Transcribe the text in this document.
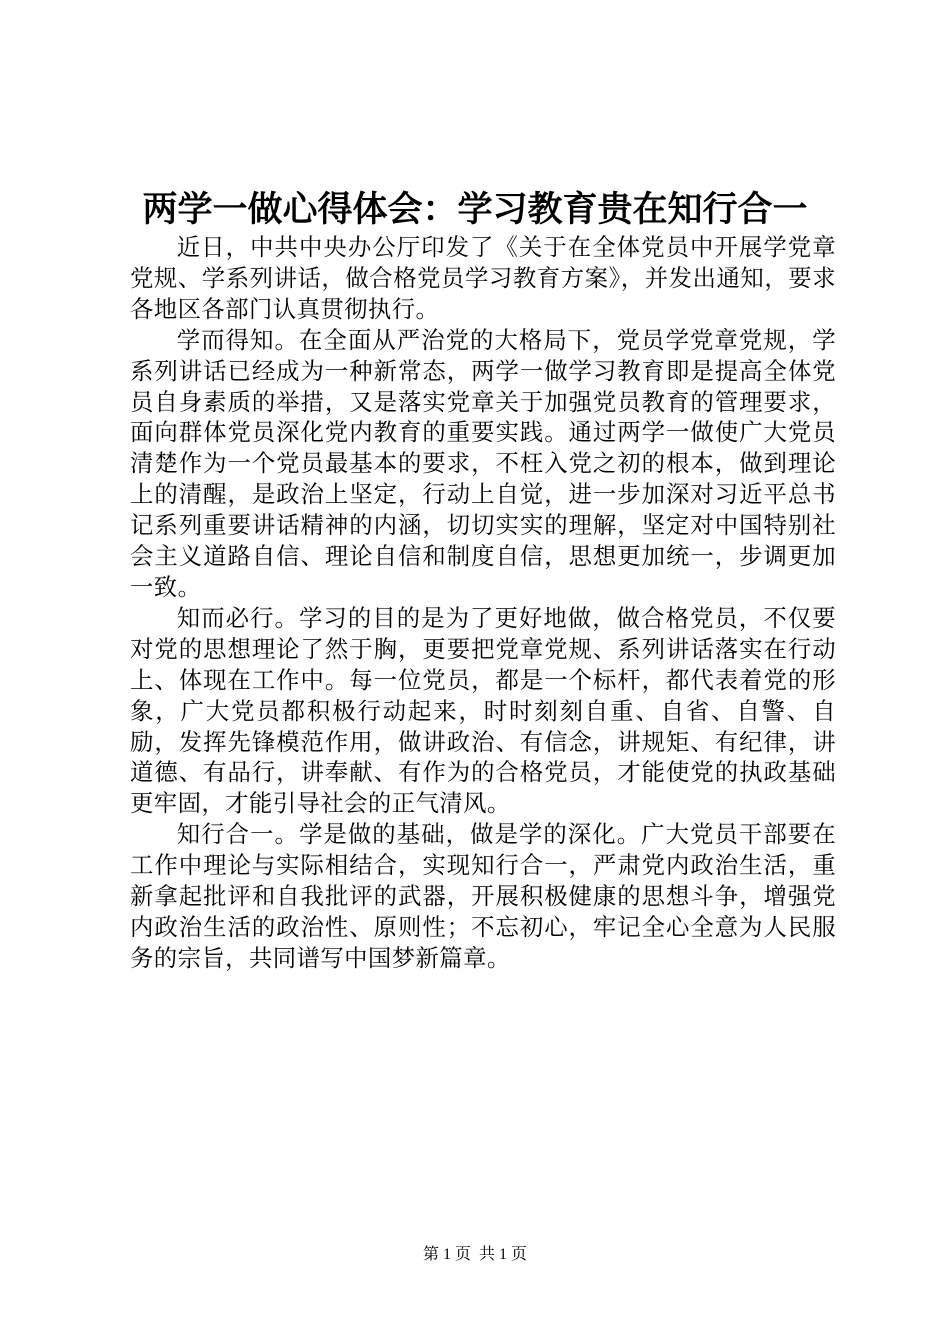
两学一做心得体会：学习教育贵在知行合一

近日，中共中央办公厅印发了《关于在全体党员中开展学党章党规、学系列讲话，做合格党员学习教育方案》，并发出通知，要求各地区各部门认真贯彻执行。

学而得知。在全面从严治党的大格局下，党员学党章党规，学系列讲话已经成为一种新常态，两学一做学习教育即是提高全体党员自身素质的举措，又是落实党章关于加强党员教育的管理要求，面向群体党员深化党内教育的重要实践。通过两学一做使广大党员清楚作为一个党员最基本的要求，不枉入党之初的根本，做到理论上的清醒，是政治上坚定，行动上自觉，进一步加深对习近平总书记系列重要讲话精神的内涵，切切实实的理解，坚定对中国特别社会主义道路自信、理论自信和制度自信，思想更加统一，步调更加一致。

知而必行。学习的目的是为了更好地做，做合格党员，不仅要对党的思想理论了然于胸，更要把党章党规、系列讲话落实在行动上、体现在工作中。每一位党员，都是一个标杆，都代表着党的形象，广大党员都积极行动起来，时时刻刻自重、自省、自警、自励，发挥先锋模范作用，做讲政治、有信念，讲规矩、有纪律，讲道德、有品行，讲奉献、有作为的合格党员，才能使党的执政基础更牢固，才能引导社会的正气清风。

知行合一。学是做的基础，做是学的深化。广大党员干部要在工作中理论与实际相结合，实现知行合一，严肃党内政治生活，重新拿起批评和自我批评的武器，开展积极健康的思想斗争，增强党内政治生活的政治性、原则性；不忘初心，牢记全心全意为人民服务的宗旨，共同谱写中国梦新篇章。

第 1 页 共 1 页
